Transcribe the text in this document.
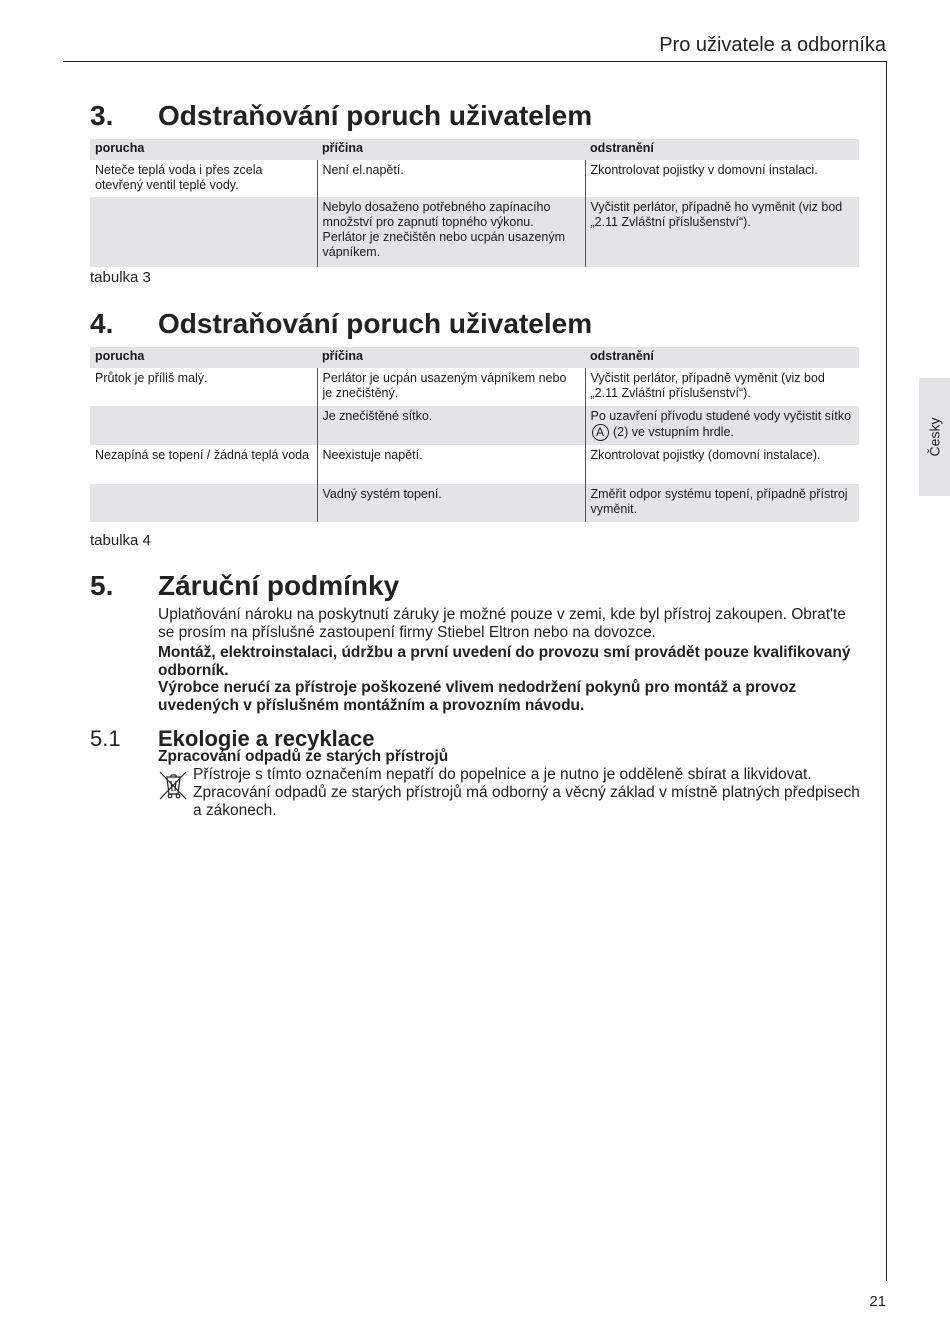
Pro uživatele a odborníka
Česky
3. Odstraňování poruch uživatelem
porucha	příčina	odstranění
Neteče teplá voda i přes zcela otevřený ventil teplé vody.	Není el.napětí.	Zkontrolovat pojistky v domovní instalaci.
	Nebylo dosaženo potřebného zapínacího množství pro zapnutí topného výkonu. Perlátor je znečištěn nebo ucpán usazeným vápníkem.	Vyčistit perlátor, případně ho vyměnit (viz bod „2.11 Zvláštní příslušenství“).
tabulka 3
4. Odstraňování poruch uživatelem
porucha	příčina	odstranění
Průtok je příliš malý.	Perlátor je ucpán usazeným vápníkem nebo je znečištěný.	Vyčistit perlátor, případně vyměnit (viz bod „2.11 Zvláštní příslušenství“).
	Je znečištěné sítko.	Po uzavření přívodu studené vody vyčistit sítko A (2) ve vstupním hrdle.
Nezapíná se topení / žádná teplá voda	Neexistuje napětí.	Zkontrolovat pojistky (domovní instalace).
	Vadný systém topení.	Změřit odpor systému topení, případně přístroj vyměnit.
tabulka 4
5. Záruční podmínky
Uplatňování nároku na poskytnutí záruky je možné pouze v zemi, kde byl přístroj zakoupen. Obrat'te se prosím na příslušné zastoupení firmy Stiebel Eltron nebo na dovozce.
Montáž, elektroinstalaci, údržbu a první uvedení do provozu smí provádět pouze kvalifikovaný odborník.
Výrobce nerućí za přístroje poškozené vlivem nedodržení pokynů pro montáž a provoz uvedených v příslušném montážním a provozním návodu.
5.1 Ekologie a recyklace
Zpracování odpadů ze starých přístrojů
Přístroje s tímto označením nepatří do popelnice a je nutno je odděleně sbírat a likvidovat. Zpracování odpadů ze starých přístrojů má odborný a věcný základ v místně platných předpisech a zákonech.
21
